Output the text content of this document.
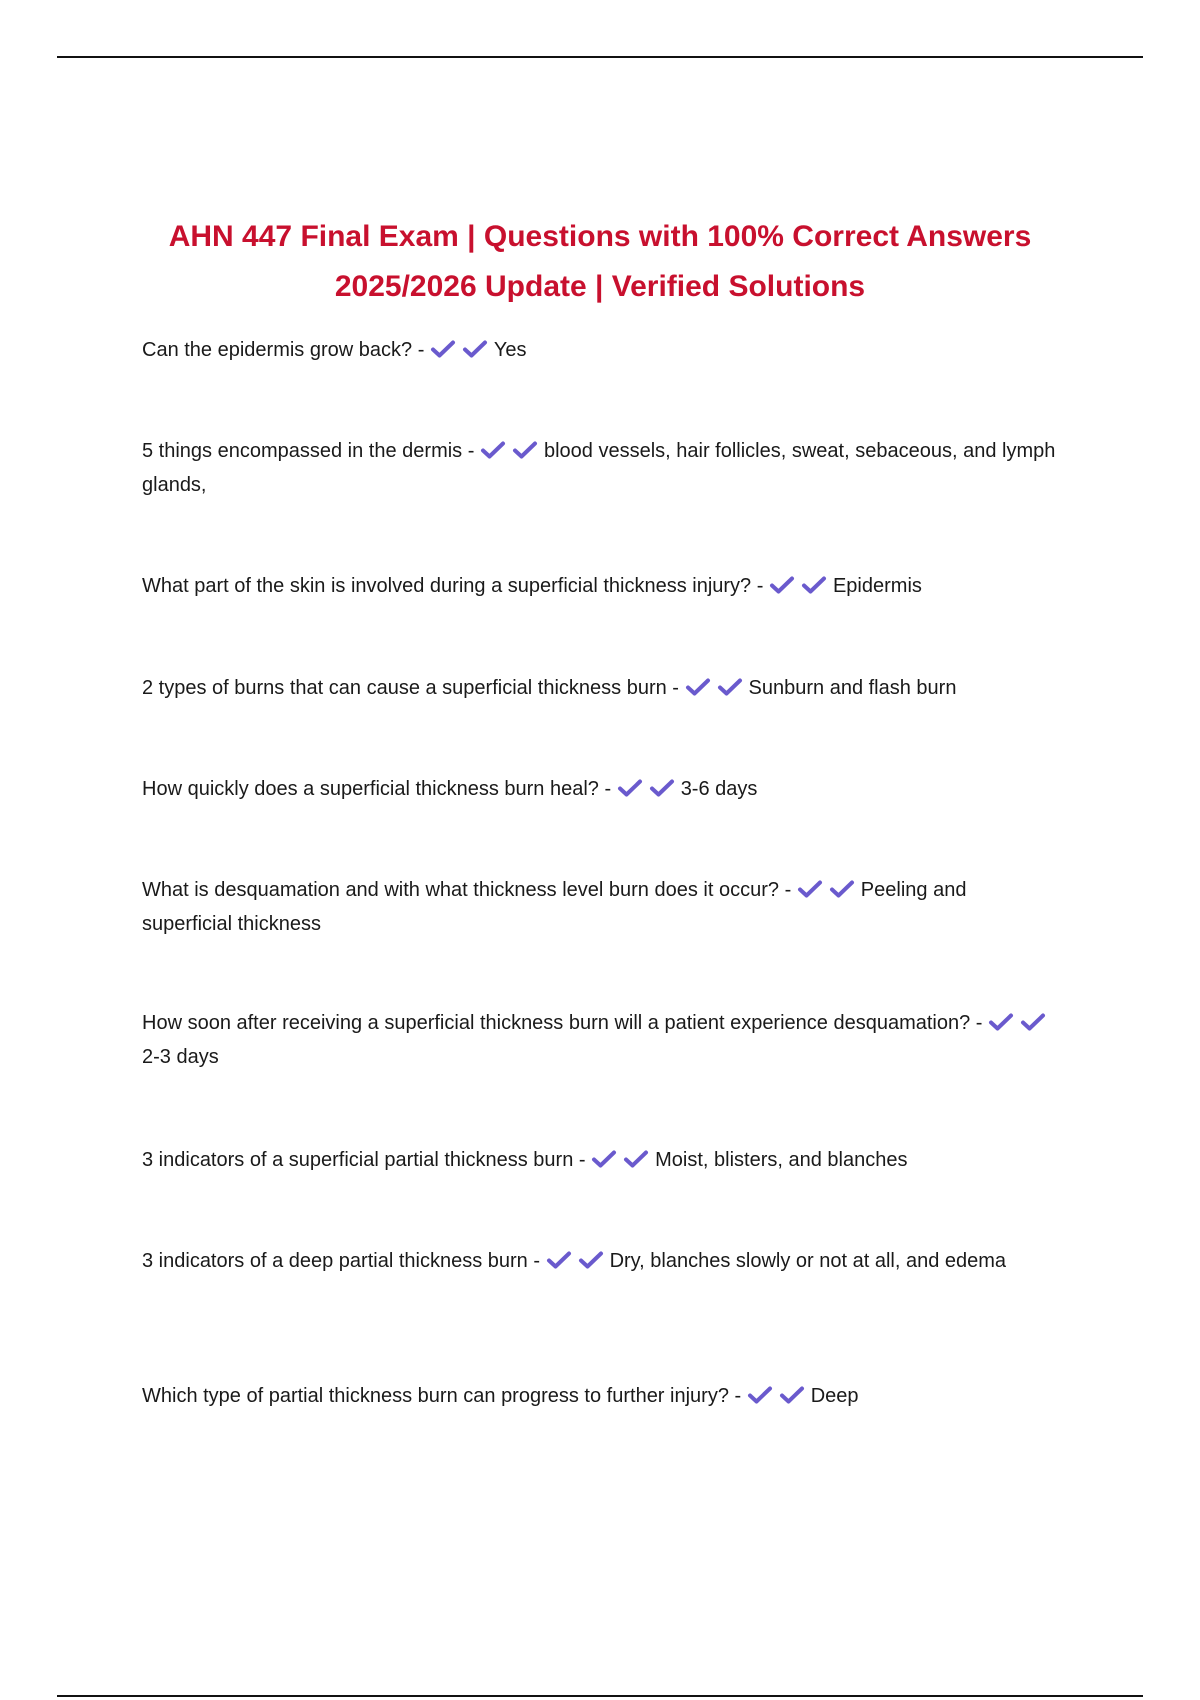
AHN 447 Final Exam | Questions with 100% Correct Answers
2025/2026 Update | Verified Solutions
Can the epidermis grow back? -	Yes
5 things encompassed in the dermis -	blood vessels, hair follicles, sweat, sebaceous, and lymph glands,
What part of the skin is involved during a superficial thickness injury? -	Epidermis
2 types of burns that can cause a superficial thickness burn -	Sunburn and flash burn
How quickly does a superficial thickness burn heal? -	3-6 days
What is desquamation and with what thickness level burn does it occur? -	Peeling and superficial thickness
How soon after receiving a superficial thickness burn will a patient experience desquamation? -
2-3 days
3 indicators of a superficial partial thickness burn -	Moist, blisters, and blanches
3 indicators of a deep partial thickness burn -	Dry, blanches slowly or not at all, and edema
Which type of partial thickness burn can progress to further injury? -	Deep
